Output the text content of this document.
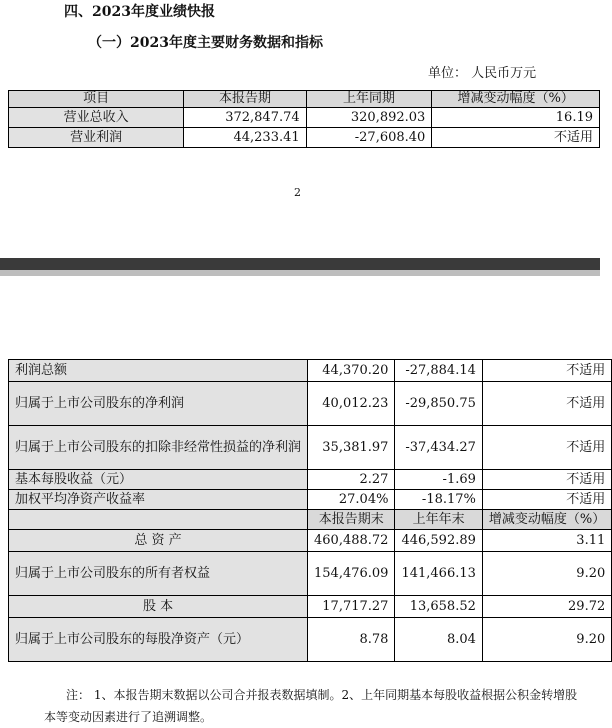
四、2023年度业绩快报
（一）2023年度主要财务数据和指标
单位： 人民币万元
项目	本报告期	上年同期	增减变动幅度（%）
营业总收入	372,847.74	320,892.03	16.19
营业利润	44,233.41	-27,608.40	不适用
2
利润总额	44,370.20	-27,884.14	不适用
归属于上市公司股东的净利润	40,012.23	-29,850.75	不适用
归属于上市公司股东的扣除非经常性损益的净利润	35,381.97	-37,434.27	不适用
基本每股收益（元）	2.27	-1.69	不适用
加权平均净资产收益率	27.04%	-18.17%	不适用
	本报告期末	上年年末	增减变动幅度（%）
总 资 产	460,488.72	446,592.89	3.11
归属于上市公司股东的所有者权益	154,476.09	141,466.13	9.20
股 本	17,717.27	13,658.52	29.72
归属于上市公司股东的每股净资产（元）	8.78	8.04	9.20
注： 1、本报告期末数据以公司合并报表数据填制。2、上年同期基本每股收益根据公积金转增股本等变动因素进行了追溯调整。
